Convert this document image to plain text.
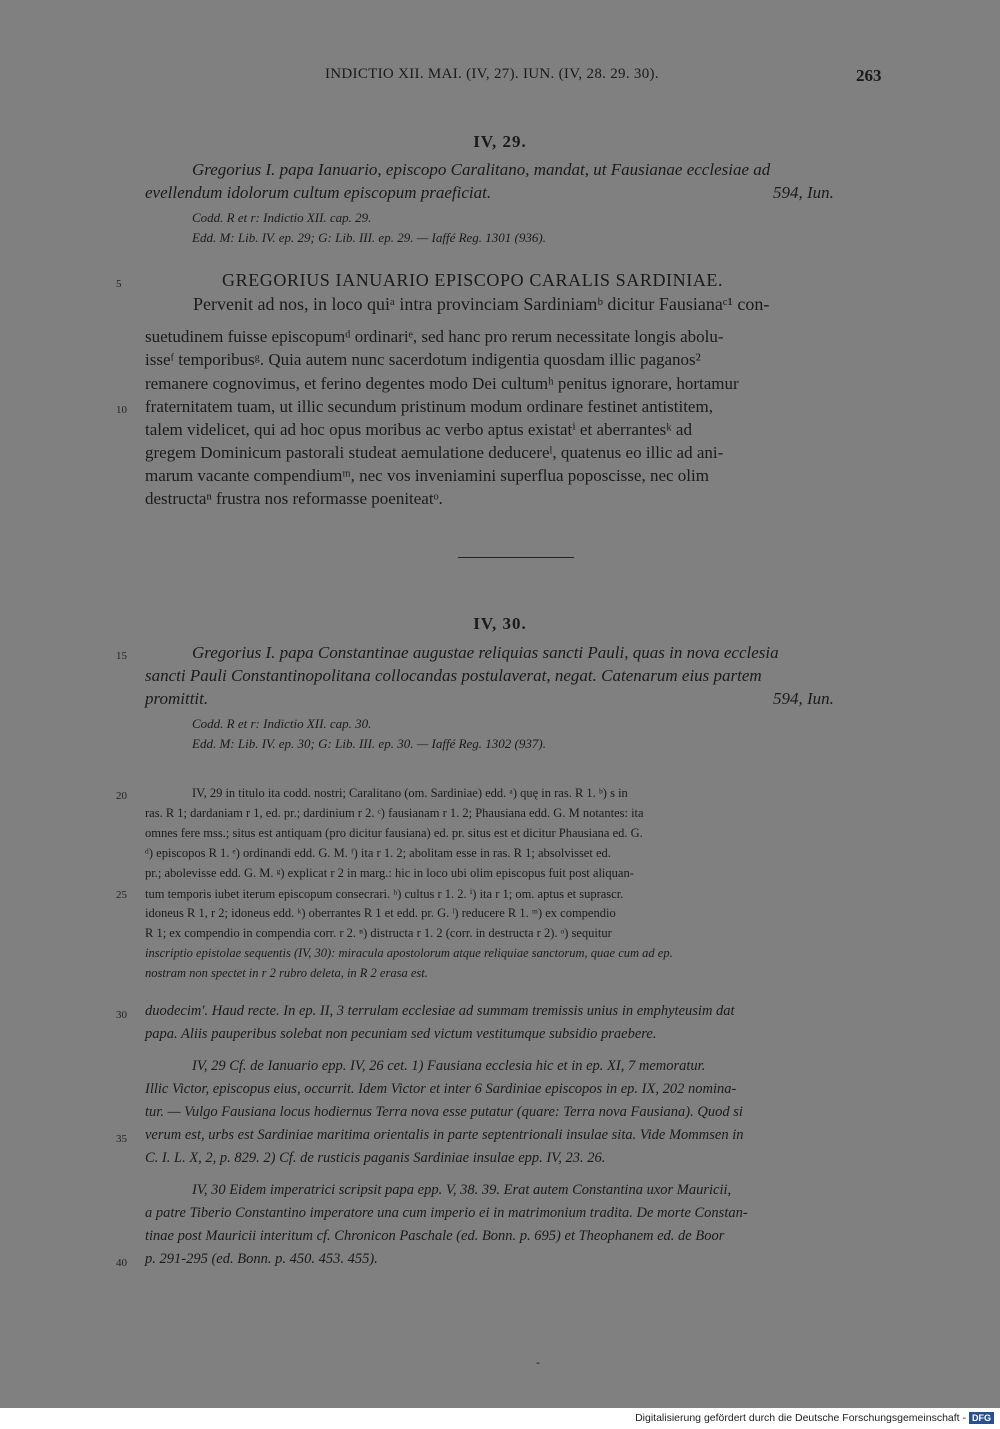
INDICTIO XII. MAI. (IV, 27). IUN. (IV, 28. 29. 30).	263
IV, 29.
Gregorius I. papa Ianuario, episcopo Caralitano, mandat, ut Fausianae ecclesiae ad
evellendum idolorum cultum episcopum praeficiat.	594, Iun.
Codd. R et r: Indictio XII. cap. 29.
Edd. M: Lib. IV. ep. 29; G: Lib. III. ep. 29. — Iaffé Reg. 1301 (936).
5	GREGORIUS IANUARIO EPISCOPO CARALIS SARDINIAE.
Pervenit ad nos, in loco quiᵃ intra provinciam Sardiniamᵇ dicitur Fausianaᶜ¹ con-
suetudinem fuisse episcopumᵈ ordinariᵉ, sed hanc pro rerum necessitate longis abolu-
isseᶠ temporibusᵍ. Quia autem nunc sacerdotum indigentia quosdam illic paganos²
remanere cognovimus, et ferino degentes modo Dei cultumʰ penitus ignorare, hortamur
10 fraternitatem tuam, ut illic secundum pristinum modum ordinare festinet antistitem,
talem videlicet, qui ad hoc opus moribus ac verbo aptus existatⁱ et aberrantesᵏ ad
gregem Dominicum pastorali studeat aemulatione deducereˡ, quatenus eo illic ad ani-
marum vacante compendiumᵐ, nec vos inveniamini superflua poposcisse, nec olim
destructaⁿ frustra nos reformasse poeniteatᵒ.
IV, 30.
15	Gregorius I. papa Constantinae augustae reliquias sancti Pauli, quas in nova ecclesia
sancti Pauli Constantinopolitana collocandas postulaverat, negat. Catenarum eius partem
promittit.	594, Iun.
Codd. R et r: Indictio XII. cap. 30.
Edd. M: Lib. IV. ep. 30; G: Lib. III. ep. 30. — Iaffé Reg. 1302 (937).
20	IV, 29 in titulo ita codd. nostri; Caralitano (om. Sardiniae) edd. ᵃ) quę in ras. R 1. ᵇ) s in
ras. R 1; dardaniam r 1, ed. pr.; dardinium r 2. ᶜ) fausianam r 1. 2; Phausiana edd. G. M notantes: ita
omnes fere mss.; situs est antiquam (pro dicitur fausiana) ed. pr. situs est et dicitur Phausiana ed. G.
ᵈ) episcopos R 1. ᵉ) ordinandi edd. G. M. ᶠ) ita r 1. 2; abolitam esse in ras. R 1; absolvisset ed.
pr.; abolevisse edd. G. M. ᵍ) explicat r 2 in marg.: hic in loco ubi olim episcopus fuit post aliquan-
25 tum temporis iubet iterum episcopum consecrari. ʰ) cultus r 1. 2. ⁱ) ita r 1; om. aptus et suprascr.
idoneus R 1, r 2; idoneus edd. ᵏ) oberrantes R 1 et edd. pr. G. ˡ) reducere R 1. ᵐ) ex compendio
R 1; ex compendio in compendia corr. r 2. ⁿ) distructa r 1. 2 (corr. in destructa r 2). ᵒ) sequitur
inscriptio epistolae sequentis (IV, 30): miracula apostolorum atque reliquiae sanctorum, quae cum ad ep.
nostram non spectet in r 2 rubro deleta, in R 2 erasa est.
30 duodecim'. Haud recte. In ep. II, 3 terrulam ecclesiae ad summam tremissis unius in emphyteusim dat
papa. Aliis pauperibus solebat non pecuniam sed victum vestitumque subsidio praebere.
IV, 29 Cf. de Ianuario epp. IV, 26 cet. 1) Fausiana ecclesia hic et in ep. XI, 7 memoratur.
Illic Victor, episcopus eius, occurrit. Idem Victor et inter 6 Sardiniae episcopos in ep. IX, 202 nomina-
tur. — Vulgo Fausiana locus hodiernus Terra nova esse putatur (quare: Terra nova Fausiana). Quod si
35 verum est, urbs est Sardiniae maritima orientalis in parte septentrionali insulae sita. Vide Mommsen in
C. I. L. X, 2, p. 829. 2) Cf. de rusticis paganis Sardiniae insulae epp. IV, 23. 26.
IV, 30 Eidem imperatrici scripsit papa epp. V, 38. 39. Erat autem Constantina uxor Mauricii,
a patre Tiberio Constantino imperatore una cum imperio ei in matrimonium tradita. De morte Constan-
tinae post Mauricii interitum cf. Chronicon Paschale (ed. Bonn. p. 695) et Theophanem ed. de Boor
40 p. 291-295 (ed. Bonn. p. 450. 453. 455).
-
Digitalisierung gefördert durch die Deutsche Forschungsgemeinschaft - DFG
